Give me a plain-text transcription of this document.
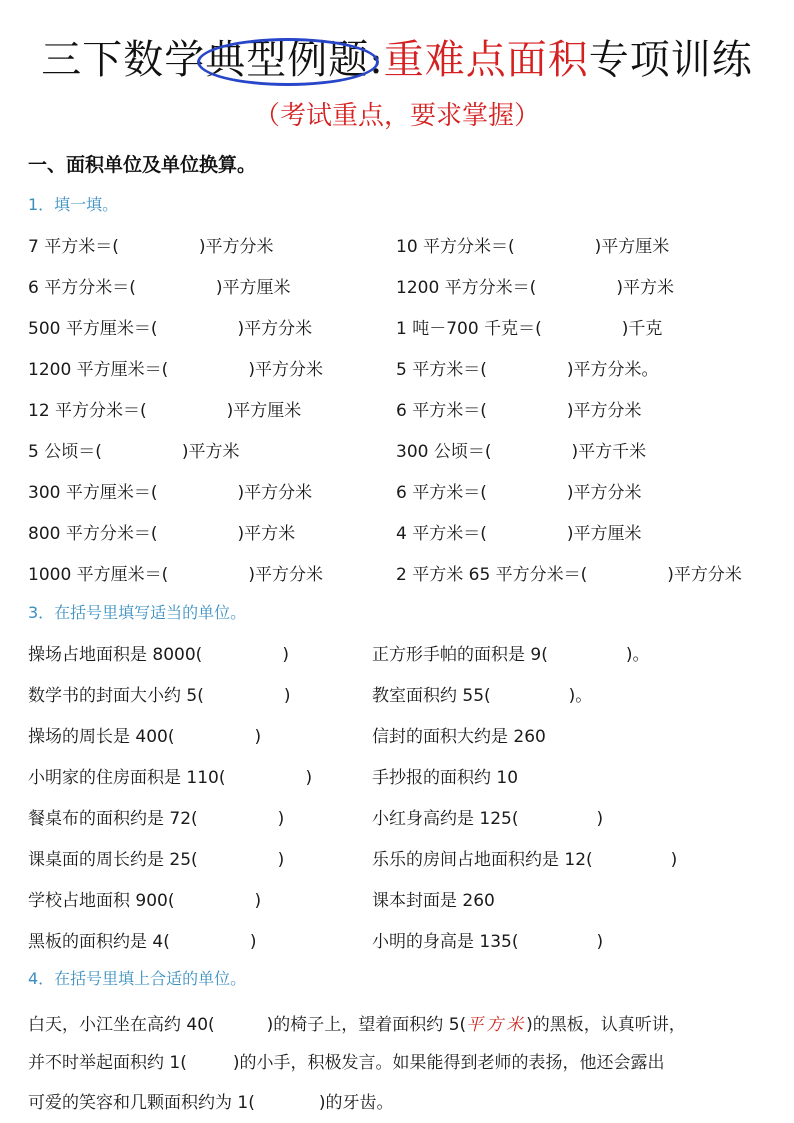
三下数学典型例题:重难点面积专项训练
（考试重点，要求掌握）
一、面积单位及单位换算。
1．填一填。
7 平方米＝(	)平方分米	10 平方分米＝(	)平方厘米
6 平方分米＝(	)平方厘米	1200 平方分米＝(	)平方米
500 平方厘米＝(	)平方分米	1 吨－700 千克＝(	)千克
1200 平方厘米＝(	)平方分米	5 平方米＝(	)平方分米。
12 平方分米＝(	)平方厘米	6 平方米＝(	)平方分米
5 公顷＝(	)平方米	300 公顷＝(	)平方千米
300 平方厘米＝(	)平方分米	6 平方米＝(	)平方分米
800 平方分米＝(	)平方米	4 平方米＝(	)平方厘米
1000 平方厘米＝(	)平方分米	2 平方米 65 平方分米＝(	)平方分米
3．在括号里填写适当的单位。
操场占地面积是 8000(	)	正方形手帕的面积是 9(	)。
数学书的封面大小约 5(	)	教室面积约 55(	)。
操场的周长是 400(	)	信封的面积大约是 260
小明家的住房面积是 110(	)	手抄报的面积约 10
餐桌布的面积约是 72(	)	小红身高约是 125(	)
课桌面的周长约是 25(	)	乐乐的房间占地面积约是 12(	)
学校占地面积 900(	)	课本封面是 260
黑板的面积约是 4(	)	小明的身高是 135(	)
4．在括号里填上合适的单位。
白天，小江坐在高约 40(	)的椅子上，望着面积约 5(平方米)的黑板，认真听讲，
并不时举起面积约 1(	)的小手，积极发言。如果能得到老师的表扬，他还会露出
可爱的笑容和几颗面积约为 1(	)的牙齿。
